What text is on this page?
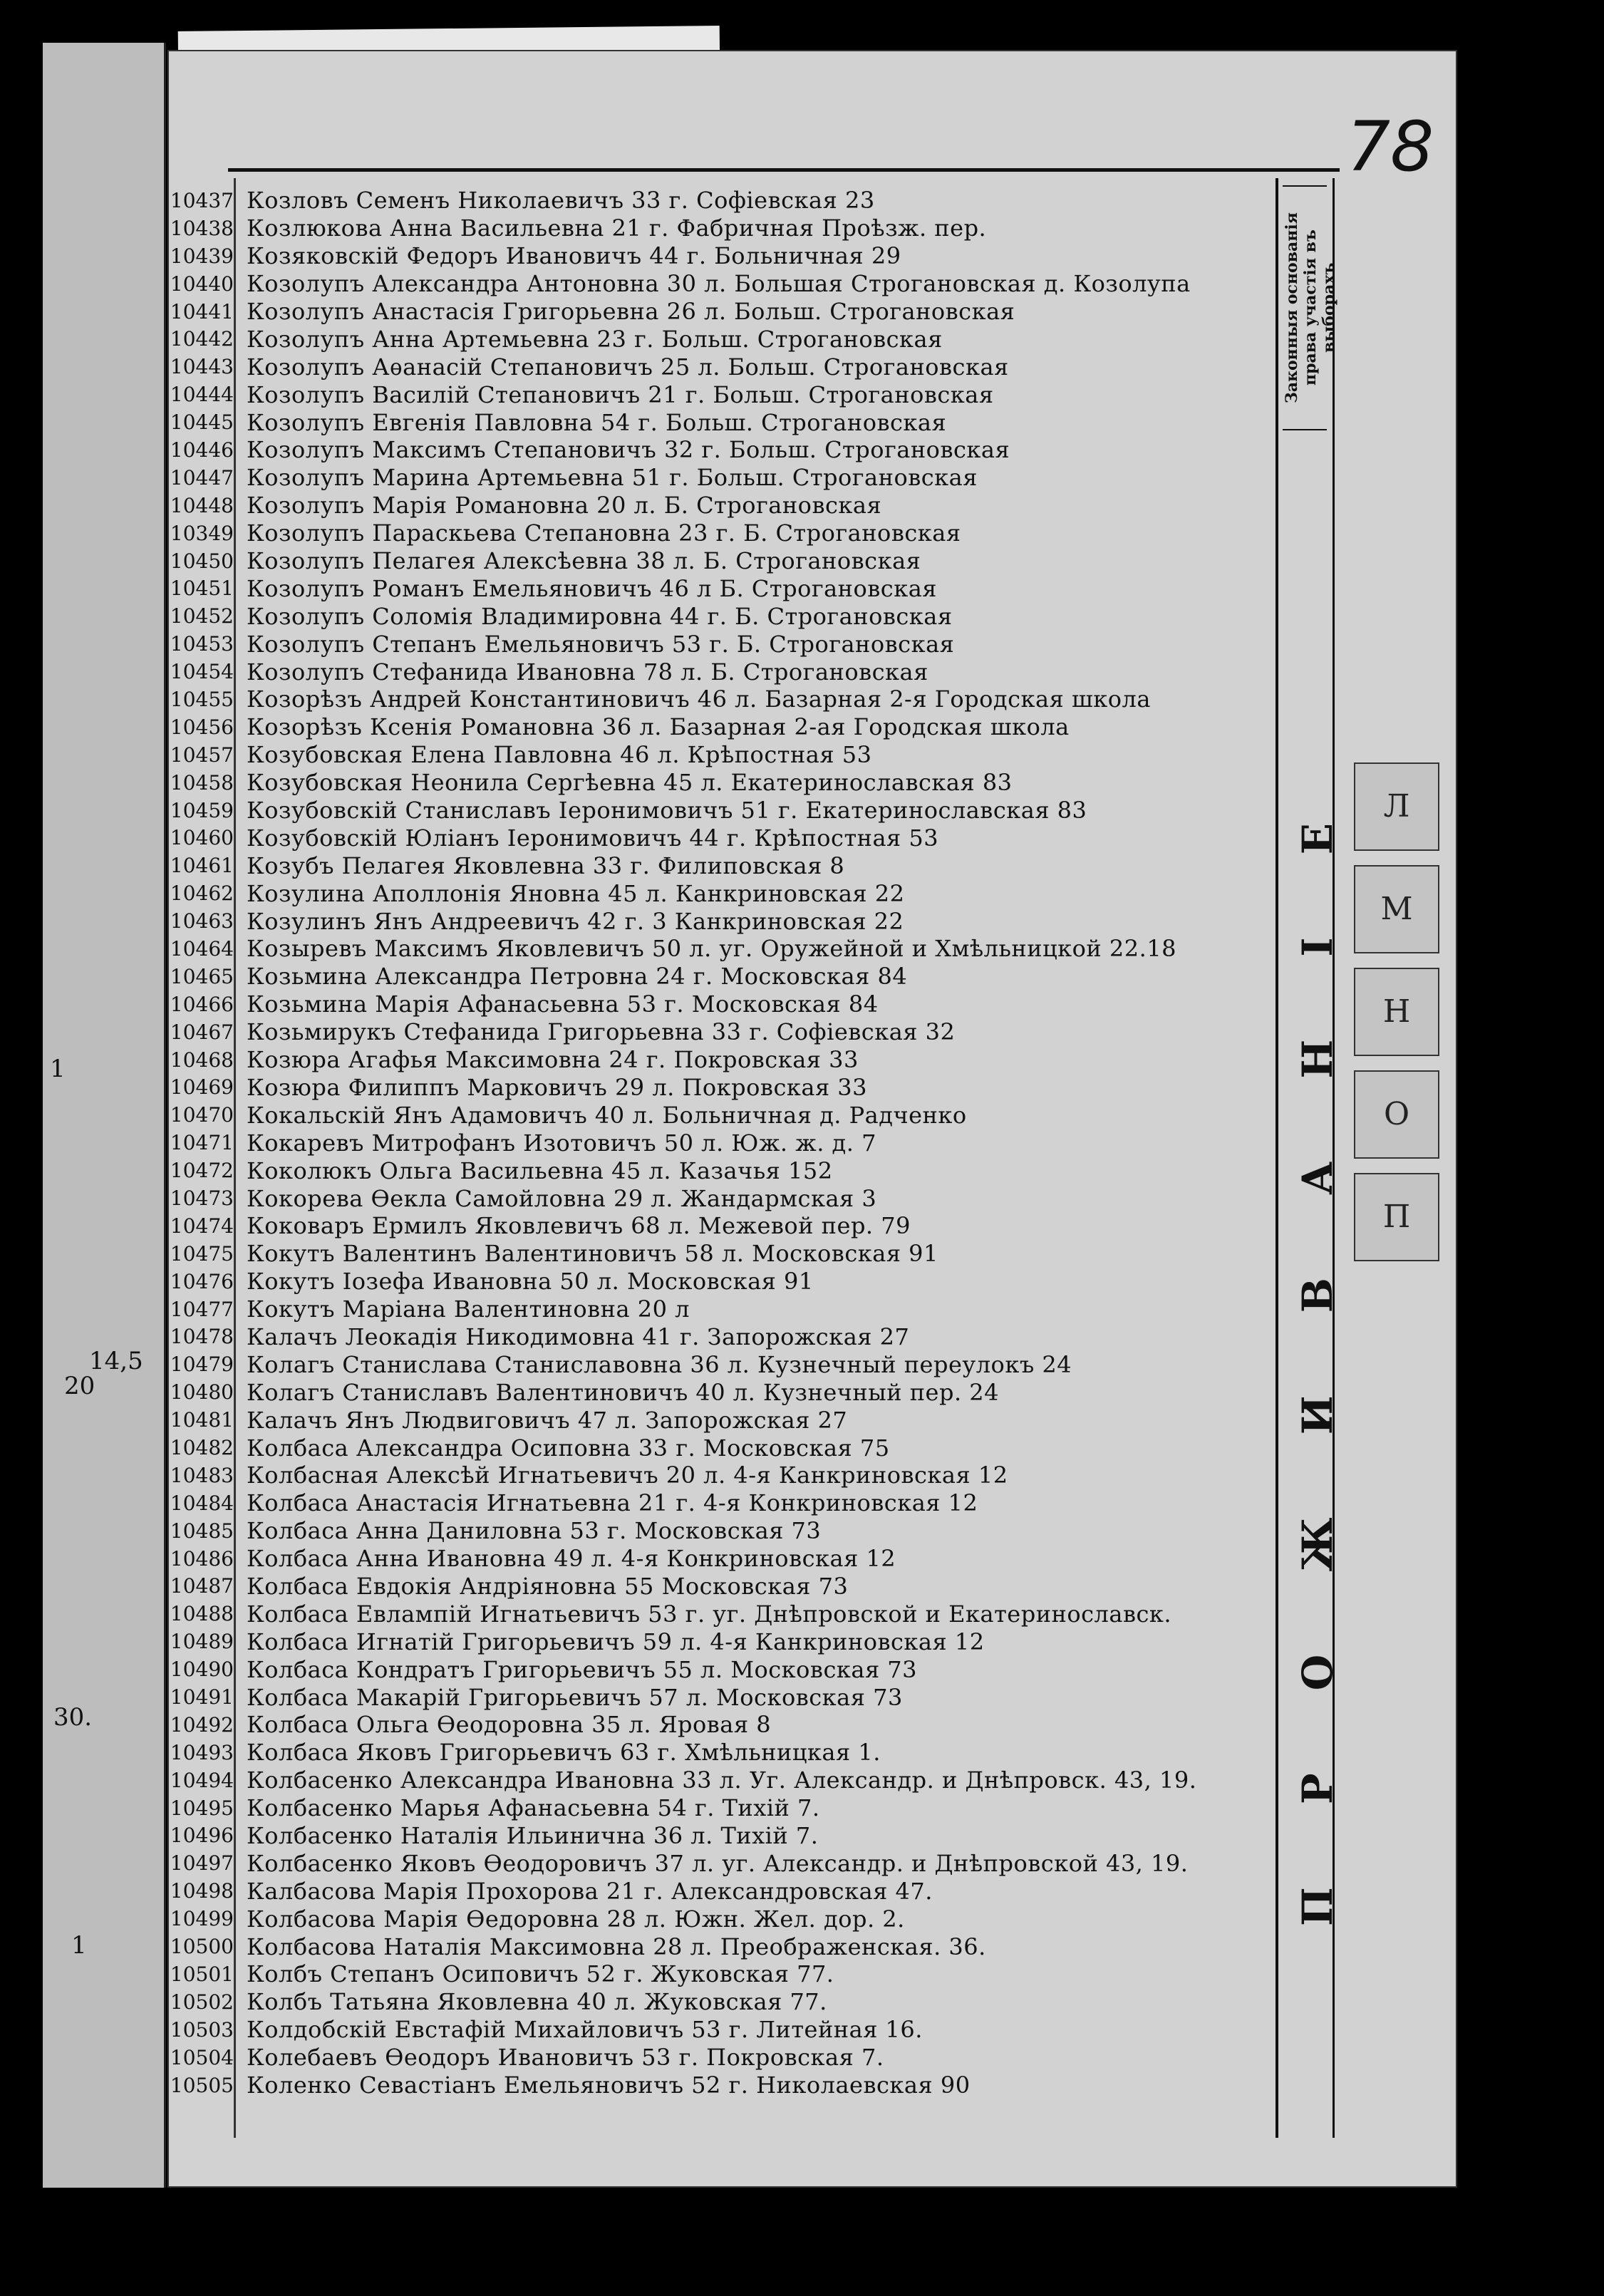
1
14,5
20
30.
1
78
Законныя основанія права участія въ выборахъ
П Р О Ж И В А Н І Е	Л
М
Н
О
П
10437 Козловъ Семенъ Николаевичъ 33 г. Софiевская 23
10438 Козлюкова Анна Васильевна 21 г. Фабричная Проѣзж. пер.
10439 Козяковскiй Федоръ Ивановичъ 44 г. Больничная 29
10440 Козолупъ Александра Антоновна 30 л. Большая Строгановская д. Козолупа
10441 Козолупъ Анастасiя Григорьевна 26 л. Больш. Строгановская
10442 Козолупъ Анна Артемьевна 23 г. Больш. Строгановская
10443 Козолупъ Аѳанасiй Степановичъ 25 л. Больш. Строгановская
10444 Козолупъ Василiй Степановичъ 21 г. Больш. Строгановская
10445 Козолупъ Евгенiя Павловна 54 г. Больш. Строгановская
10446 Козолупъ Максимъ Степановичъ 32 г. Больш. Строгановская
10447 Козолупъ Марина Артемьевна 51 г. Больш. Строгановская
10448 Козолупъ Марiя Романовна 20 л. Б. Строгановская
10349 Козолупъ Параскьева Степановна 23 г. Б. Строгановская
10450 Козолупъ Пелагея Алексѣевна 38 л. Б. Строгановская
10451 Козолупъ Романъ Емельяновичъ 46 л Б. Строгановская
10452 Козолупъ Соломiя Владимировна 44 г. Б. Строгановская
10453 Козолупъ Степанъ Емельяновичъ 53 г. Б. Строгановская
10454 Козолупъ Стефанида Ивановна 78 л. Б. Строгановская
10455 Козорѣзъ Андрей Константиновичъ 46 л. Базарная 2-я Городская школа
10456 Козорѣзъ Ксенiя Романовна 36 л. Базарная 2-ая Городская школа
10457 Козубовская Елена Павловна 46 л. Крѣпостная 53
10458 Козубовская Неонила Сергѣевна 45 л. Екатеринославская 83
10459 Козубовскiй Станиславъ Iеронимовичъ 51 г. Екатеринославская 83
10460 Козубовскiй Юлiанъ Iеронимовичъ 44 г. Крѣпостная 53
10461 Козубъ Пелагея Яковлевна 33 г. Филиповская 8
10462 Козулина Аполлонiя Яновна 45 л. Канкриновская 22
10463 Козулинъ Янъ Андреевичъ 42 г. 3 Канкриновская 22
10464 Козыревъ Максимъ Яковлевичъ 50 л. уг. Оружейной и Хмѣльницкой 22.18
10465 Козьмина Александра Петровна 24 г. Московская 84
10466 Козьмина Марiя Афанасьевна 53 г. Московская 84
10467 Козьмирукъ Стефанида Григорьевна 33 г. Софiевская 32
10468 Козюра Агафья Максимовна 24 г. Покровская 33
10469 Козюра Филиппъ Марковичъ 29 л. Покровская 33
10470 Кокальскiй Янъ Адамовичъ 40 л. Больничная д. Радченко
10471 Кокаревъ Митрофанъ Изотовичъ 50 л. Юж. ж. д. 7
10472 Коколюкъ Ольга Васильевна 45 л. Казачья 152
10473 Кокорева Ѳекла Самойловна 29 л. Жандармская 3
10474 Коковаръ Ермилъ Яковлевичъ 68 л. Межевой пер. 79
10475 Кокутъ Валентинъ Валентиновичъ 58 л. Московская 91
10476 Кокутъ Iозефа Ивановна 50 л. Московская 91
10477 Кокутъ Марiана Валентиновна 20 л
10478 Калачъ Леокадiя Никодимовна 41 г. Запорожская 27
10479 Колагъ Станислава Станиславовна 36 л. Кузнечный переулокъ 24
10480 Колагъ Станиславъ Валентиновичъ 40 л. Кузнечный пер. 24
10481 Калачъ Янъ Людвиговичъ 47 л. Запорожская 27
10482 Колбаса Александра Осиповна 33 г. Московская 75
10483 Колбасная Алексѣй Игнатьевичъ 20 л. 4-я Канкриновская 12
10484 Колбаса Анастасiя Игнатьевна 21 г. 4-я Конкриновская 12
10485 Колбаса Анна Даниловна 53 г. Московская 73
10486 Колбаса Анна Ивановна 49 л. 4-я Конкриновская 12
10487 Колбаса Евдокiя Андрiяновна 55 Московская 73
10488 Колбаса Евлампiй Игнатьевичъ 53 г. уг. Днѣпровской и Екатеринославск.
10489 Колбаса Игнатiй Григорьевичъ 59 л. 4-я Канкриновская 12
10490 Колбаса Кондратъ Григорьевичъ 55 л. Московская 73
10491 Колбаса Макарiй Григорьевичъ 57 л. Московская 73
10492 Колбаса Ольга Ѳеодоровна 35 л. Яровая 8
10493 Колбаса Яковъ Григорьевичъ 63 г. Хмѣльницкая 1.
10494 Колбасенко Александра Ивановна 33 л. Уг. Александр. и Днѣпровск. 43, 19.
10495 Колбасенко Марья Афанасьевна 54 г. Тихiй 7.
10496 Колбасенко Наталiя Ильинична 36 л. Тихiй 7.
10497 Колбасенко Яковъ Ѳеодоровичъ 37 л. уг. Александр. и Днѣпровской 43, 19.
10498 Калбасова Марiя Прохорова 21 г. Александровская 47.
10499 Колбасова Марiя Ѳедоровна 28 л. Южн. Жел. дор. 2.
10500 Колбасова Наталiя Максимовна 28 л. Преображенская. 36.
10501 Колбъ Степанъ Осиповичъ 52 г. Жуковская 77.
10502 Колбъ Татьяна Яковлевна 40 л. Жуковская 77.
10503 Колдобскiй Евстафiй Михайловичъ 53 г. Литейная 16.
10504 Колебаевъ Ѳеодоръ Ивановичъ 53 г. Покровская 7.
10505 Коленко Севастiанъ Емельяновичъ 52 г. Николаевская 90
